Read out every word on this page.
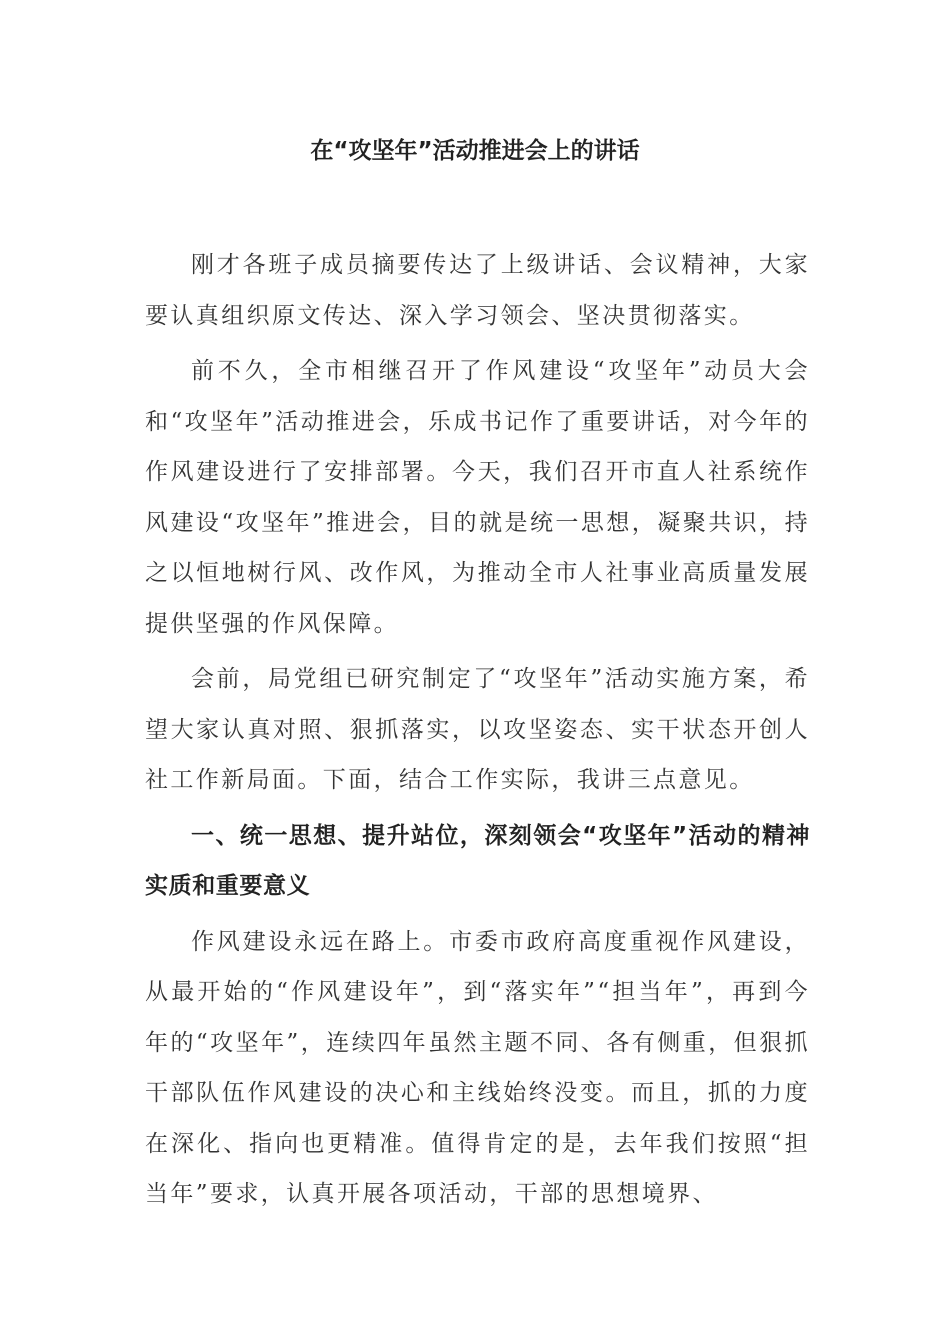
在“攻坚年”活动推进会上的讲话

刚才各班子成员摘要传达了上级讲话、会议精神，大家要认真组织原文传达、深入学习领会、坚决贯彻落实。

前不久，全市相继召开了作风建设“攻坚年”动员大会和“攻坚年”活动推进会，乐成书记作了重要讲话，对今年的作风建设进行了安排部署。今天，我们召开市直人社系统作风建设“攻坚年”推进会，目的就是统一思想，凝聚共识，持之以恒地树行风、改作风，为推动全市人社事业高质量发展提供坚强的作风保障。

会前，局党组已研究制定了“攻坚年”活动实施方案，希望大家认真对照、狠抓落实，以攻坚姿态、实干状态开创人社工作新局面。下面，结合工作实际，我讲三点意见。

一、统一思想、提升站位，深刻领会“攻坚年”活动的精神实质和重要意义

作风建设永远在路上。市委市政府高度重视作风建设，从最开始的“作风建设年”，到“落实年”“担当年”，再到今年的“攻坚年”，连续四年虽然主题不同、各有侧重，但狠抓干部队伍作风建设的决心和主线始终没变。而且，抓的力度在深化、指向也更精准。值得肯定的是，去年我们按照“担当年”要求，认真开展各项活动，干部的思想境界、
